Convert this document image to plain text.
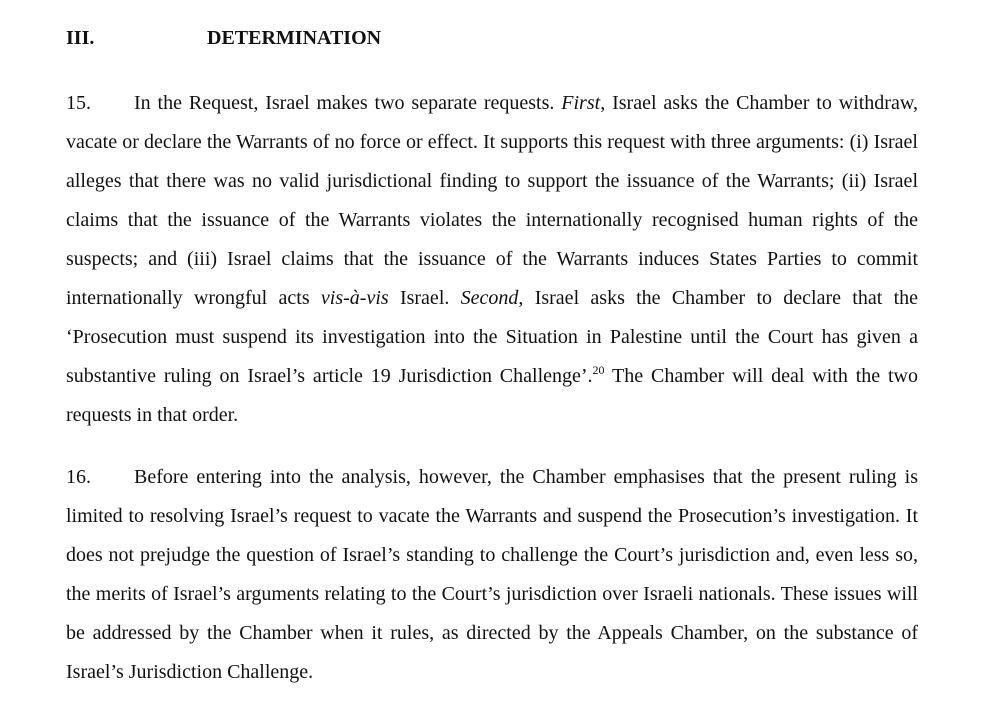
III.	DETERMINATION
15. In the Request, Israel makes two separate requests. First, Israel asks the Chamber to withdraw, vacate or declare the Warrants of no force or effect. It supports this request with three arguments: (i) Israel alleges that there was no valid jurisdictional finding to support the issuance of the Warrants; (ii) Israel claims that the issuance of the Warrants violates the internationally recognised human rights of the suspects; and (iii) Israel claims that the issuance of the Warrants induces States Parties to commit internationally wrongful acts vis-à-vis Israel. Second, Israel asks the Chamber to declare that the ‘Prosecution must suspend its investigation into the Situation in Palestine until the Court has given a substantive ruling on Israel’s article 19 Jurisdiction Challenge’.$^{20}$ The Chamber will deal with the two requests in that order.
16. Before entering into the analysis, however, the Chamber emphasises that the present ruling is limited to resolving Israel’s request to vacate the Warrants and suspend the Prosecution’s investigation. It does not prejudge the question of Israel’s standing to challenge the Court’s jurisdiction and, even less so, the merits of Israel’s arguments relating to the Court’s jurisdiction over Israeli nationals. These issues will be addressed by the Chamber when it rules, as directed by the Appeals Chamber, on the substance of Israel’s Jurisdiction Challenge.
